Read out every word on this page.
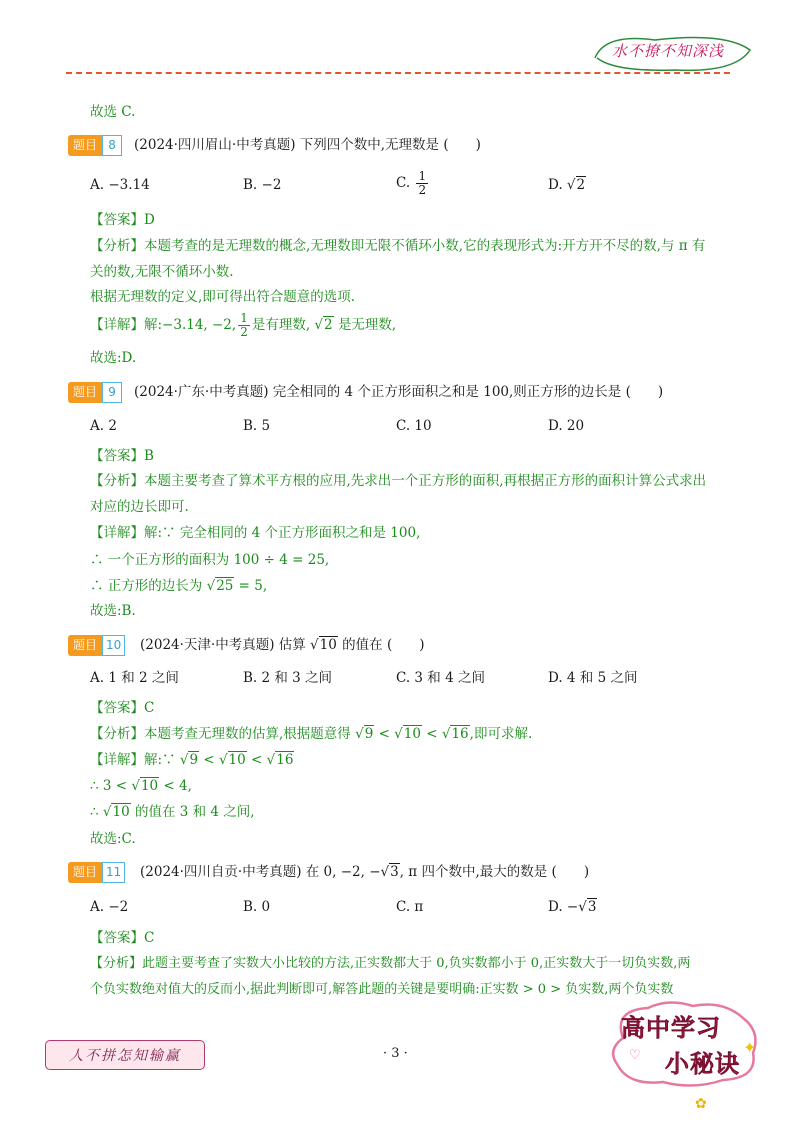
水不撩不知深浅
故选 C.
题目 8	(2024·四川眉山·中考真题) 下列四个数中,无理数是 (　　)
A. −3.14	B. −2	C. $\frac{1}{2}$	D. √2
【答案】D
【分析】本题考查的是无理数的概念,无理数即无限不循环小数,它的表现形式为:开方开不尽的数,与 π 有
关的数,无限不循环小数.
根据无理数的定义,即可得出符合题意的选项.
【详解】解:−3.14, −2, $\frac{1}{2}$ 是有理数, √2 是无理数,
故选:D.
题目 9	(2024·广东·中考真题) 完全相同的 4 个正方形面积之和是 100,则正方形的边长是 (　　)
A. 2	B. 5	C. 10	D. 20
【答案】B
【分析】本题主要考查了算术平方根的应用,先求出一个正方形的面积,再根据正方形的面积计算公式求出
对应的边长即可.
【详解】解:∵ 完全相同的 4 个正方形面积之和是 100,
∴ 一个正方形的面积为 100 ÷ 4 = 25,
∴ 正方形的边长为 √25 = 5,
故选:B.
题目 10 (2024·天津·中考真题) 估算 √10 的值在 (　　)
A. 1 和 2 之间	B. 2 和 3 之间	C. 3 和 4 之间	D. 4 和 5 之间
【答案】C
【分析】本题考查无理数的估算,根据题意得 √9 < √10 < √16,即可求解.
【详解】解:∵ √9 < √10 < √16
∴ 3 < √10 < 4,
∴ √10 的值在 3 和 4 之间,
故选:C.
题目 11 (2024·四川自贡·中考真题) 在 0, −2, −√3, π 四个数中,最大的数是 (　　)
A. −2	B. 0	C. π	D. −√3
【答案】C
【分析】此题主要考查了实数大小比较的方法,正实数都大于 0,负实数都小于 0,正实数大于一切负实数,两
个负实数绝对值大的反而小,据此判断即可,解答此题的关键是要明确:正实数 > 0 > 负实数,两个负实数
人不拼怎知输赢	· 3 ·
高中学习
小秘诀
✦
♡
✿
